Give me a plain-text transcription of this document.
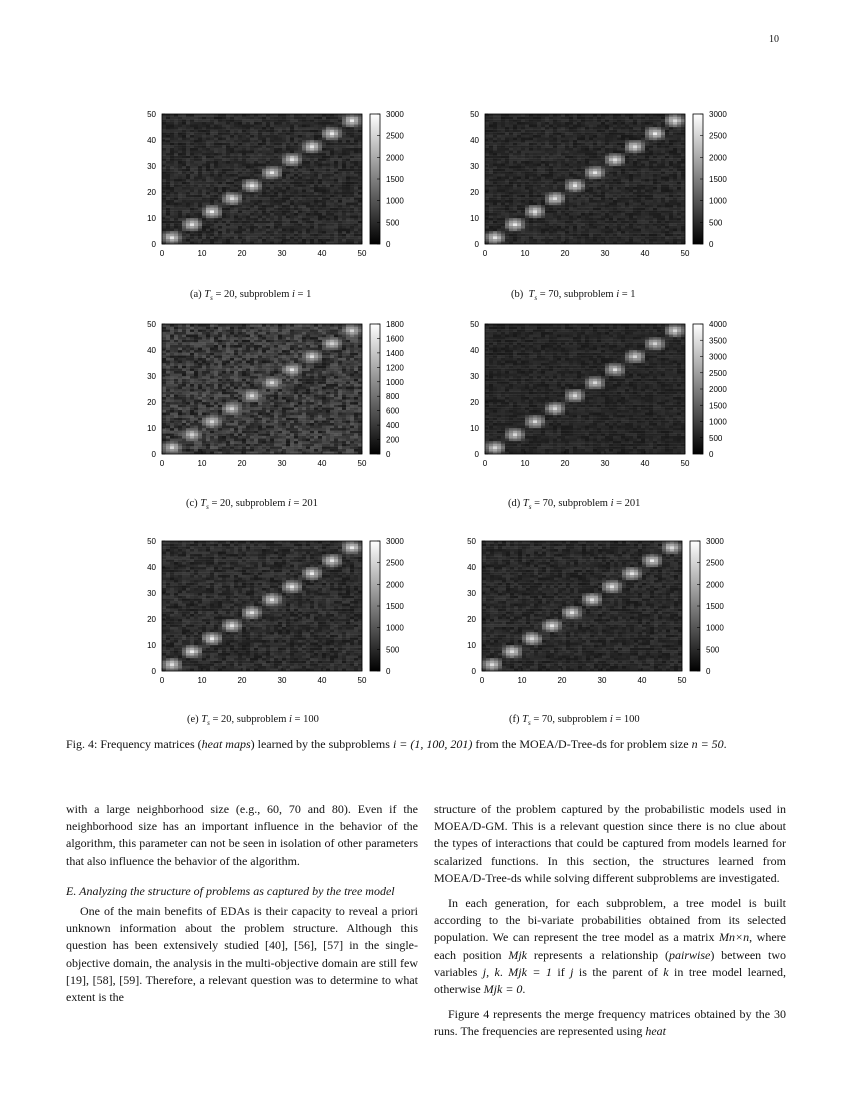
10
0
0
10
10
20
20
30
30
40
40
50
50
0
500
1000
1500
2000
2500
3000
0
0
10
10
20
20
30
30
40
40
50
50
0
500
1000
1500
2000
2500
3000
0
0
10
10
20
20
30
30
40
40
50
50
0
200
400
600
800
1000
1200
1400
1600
1800
0
0
10
10
20
20
30
30
40
40
50
50
0
500
1000
1500
2000
2500
3000
3500
4000
0
0
10
10
20
20
30
30
40
40
50
50
0
500
1000
1500
2000
2500
3000
0
0
10
10
20
20
30
30
40
40
50
50
0
500
1000
1500
2000
2500
3000
(a) $T_s = 20$, subproblem i = 1	(b) $T_s = 70$, subproblem i = 1
(c) $T_s = 20$, subproblem i = 201	(d) $T_s = 70$, subproblem i = 201
(e) $T_s = 20$, subproblem i = 100	(f) $T_s = 70$, subproblem i = 100
Fig. 4: Frequency matrices (heat maps) learned by the subproblems i = (1, 100, 201) from the MOEA/D-Tree-ds for problem size n = 50.

with a large neighborhood size (e.g., 60, 70 and 80). Even if the neighborhood size has an important influence in the behavior of the algorithm, this parameter can not be seen in isolation of other parameters that also influence the behavior of the algorithm.

E. Analyzing the structure of problems as captured by the tree model

One of the main benefits of EDAs is their capacity to reveal a priori unknown information about the problem structure. Although this question has been extensively studied [40], [56], [57] in the single-objective domain, the analysis in the multi-objective domain are still few [19], [58], [59]. Therefore, a relevant question was to determine to what extent is the

structure of the problem captured by the probabilistic models used in MOEA/D-GM. This is a relevant question since there is no clue about the types of interactions that could be captured from models learned for scalarized functions. In this section, the structures learned from MOEA/D-Tree-ds while solving different subproblems are investigated.

In each generation, for each subproblem, a tree model is built according to the bi-variate probabilities obtained from its selected population. We can represent the tree model as a matrix Mn×n, where each position Mjk represents a relationship (pairwise) between two variables j, k. Mjk = 1 if j is the parent of k in tree model learned, otherwise Mjk = 0.

Figure 4 represents the merge frequency matrices obtained by the 30 runs. The frequencies are represented using heat
